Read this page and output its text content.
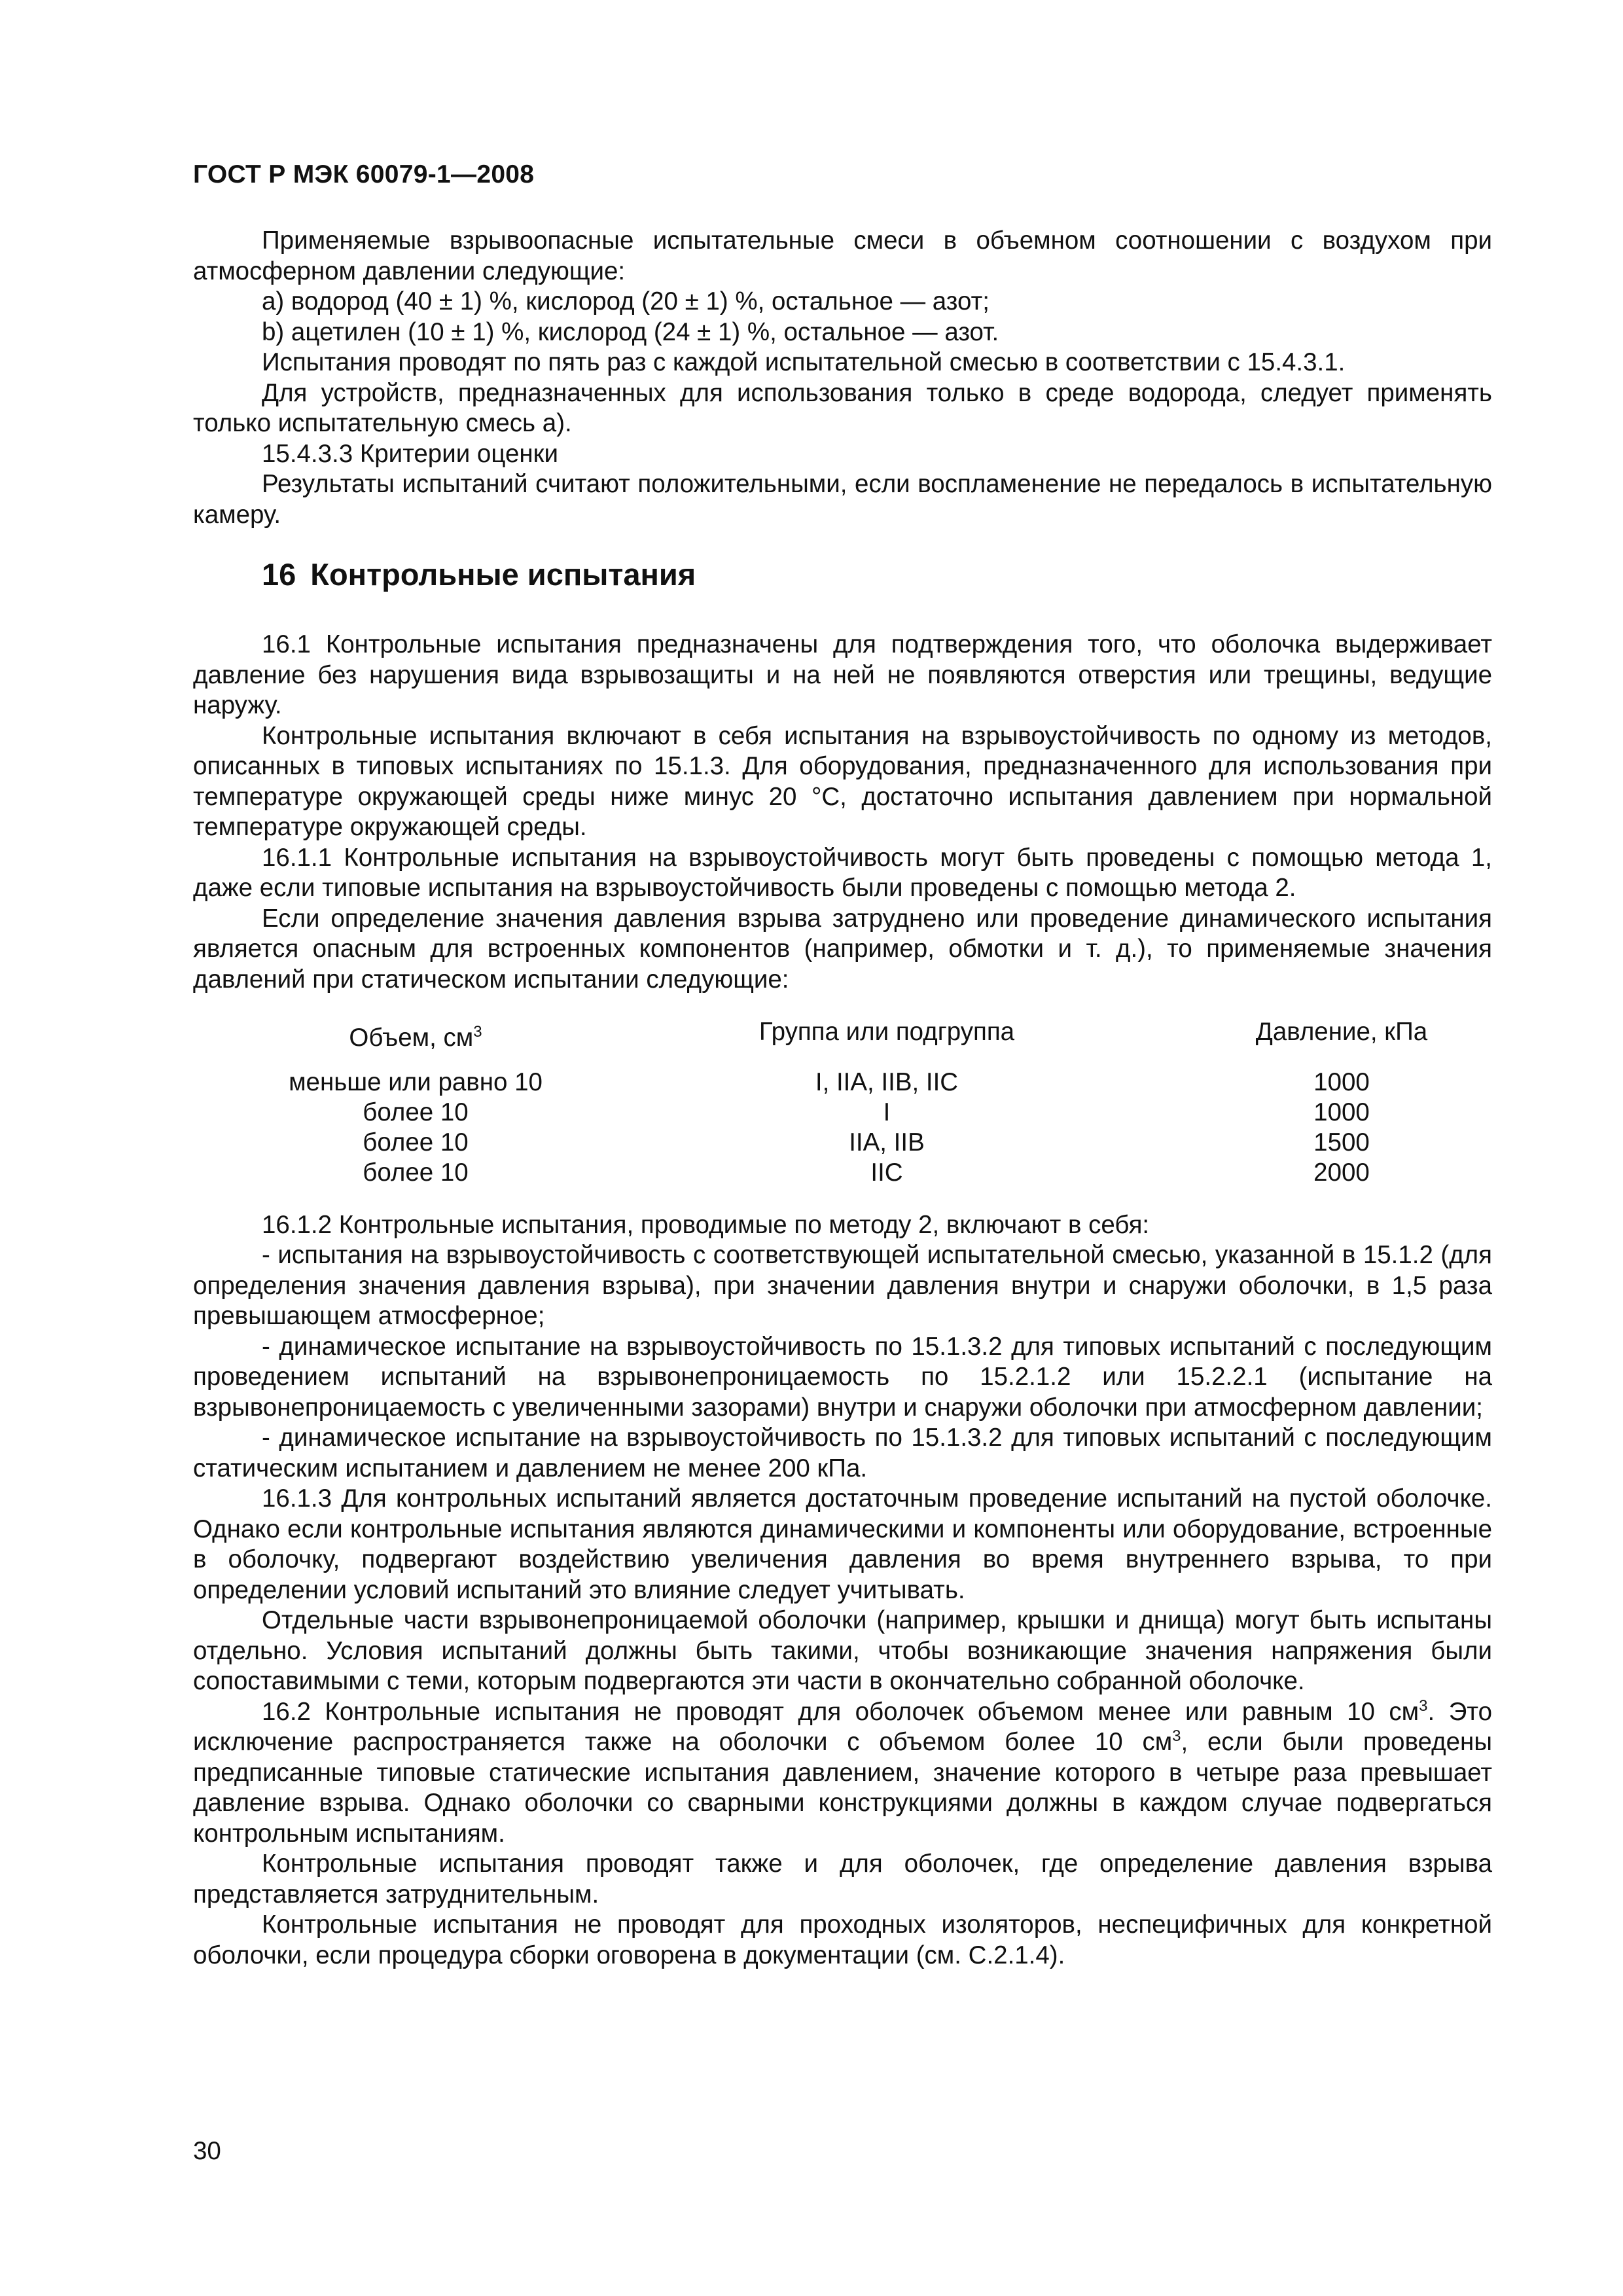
ГОСТ Р МЭК 60079-1—2008

Применяемые взрывоопасные испытательные смеси в объемном соотношении с воздухом при атмосферном давлении следующие:

a) водород (40 ± 1) %, кислород (20 ± 1) %, остальное — азот;

b) ацетилен (10 ± 1) %, кислород (24 ± 1) %, остальное — азот.

Испытания проводят по пять раз с каждой испытательной смесью в соответствии с 15.4.3.1.

Для устройств, предназначенных для использования только в среде водорода, следует применять только испытательную смесь а).

15.4.3.3 Критерии оценки

Результаты испытаний считают положительными, если воспламенение не передалось в испытательную камеру.

16 Контрольные испытания

16.1 Контрольные испытания предназначены для подтверждения того, что оболочка выдерживает давление без нарушения вида взрывозащиты и на ней не появляются отверстия или трещины, ведущие наружу.

Контрольные испытания включают в себя испытания на взрывоустойчивость по одному из методов, описанных в типовых испытаниях по 15.1.3. Для оборудования, предназначенного для использования при температуре окружающей среды ниже минус 20 °С, достаточно испытания давлением при нормальной температуре окружающей среды.

16.1.1 Контрольные испытания на взрывоустойчивость могут быть проведены с помощью метода 1, даже если типовые испытания на взрывоустойчивость были проведены с помощью метода 2.

Если определение значения давления взрыва затруднено или проведение динамического испытания является опасным для встроенных компонентов (например, обмотки и т. д.), то применяемые значения давлений при статическом испытании следующие:

Объем, $см^3$	Группа или подгруппа	Давление, кПа
меньше или равно 10	I, IIA, IIB, IIC	1000
более 10	I	1000
более 10	IIA, IIB	1500
более 10	IIC	2000

16.1.2 Контрольные испытания, проводимые по методу 2, включают в себя:

- испытания на взрывоустойчивость с соответствующей испытательной смесью, указанной в 15.1.2 (для определения значения давления взрыва), при значении давления внутри и снаружи оболочки, в 1,5 раза превышающем атмосферное;

- динамическое испытание на взрывоустойчивость по 15.1.3.2 для типовых испытаний с последующим проведением испытаний на взрывонепроницаемость по 15.2.1.2 или 15.2.2.1 (испытание на взрывонепроницаемость с увеличенными зазорами) внутри и снаружи оболочки при атмосферном давлении;

- динамическое испытание на взрывоустойчивость по 15.1.3.2 для типовых испытаний с последующим статическим испытанием и давлением не менее 200 кПа.

16.1.3 Для контрольных испытаний является достаточным проведение испытаний на пустой оболочке. Однако если контрольные испытания являются динамическими и компоненты или оборудование, встроенные в оболочку, подвергают воздействию увеличения давления во время внутреннего взрыва, то при определении условий испытаний это влияние следует учитывать.

Отдельные части взрывонепроницаемой оболочки (например, крышки и днища) могут быть испытаны отдельно. Условия испытаний должны быть такими, чтобы возникающие значения напряжения были сопоставимыми с теми, которым подвергаются эти части в окончательно собранной оболочке.

16.2 Контрольные испытания не проводят для оболочек объемом менее или равным 10 $см^3$. Это исключение распространяется также на оболочки с объемом более 10 $см^3$, если были проведены предписанные типовые статические испытания давлением, значение которого в четыре раза превышает давление взрыва. Однако оболочки со сварными конструкциями должны в каждом случае подвергаться контрольным испытаниям.

Контрольные испытания проводят также и для оболочек, где определение давления взрыва представляется затруднительным.

Контрольные испытания не проводят для проходных изоляторов, неспецифичных для конкретной оболочки, если процедура сборки оговорена в документации (см. С.2.1.4).

30
